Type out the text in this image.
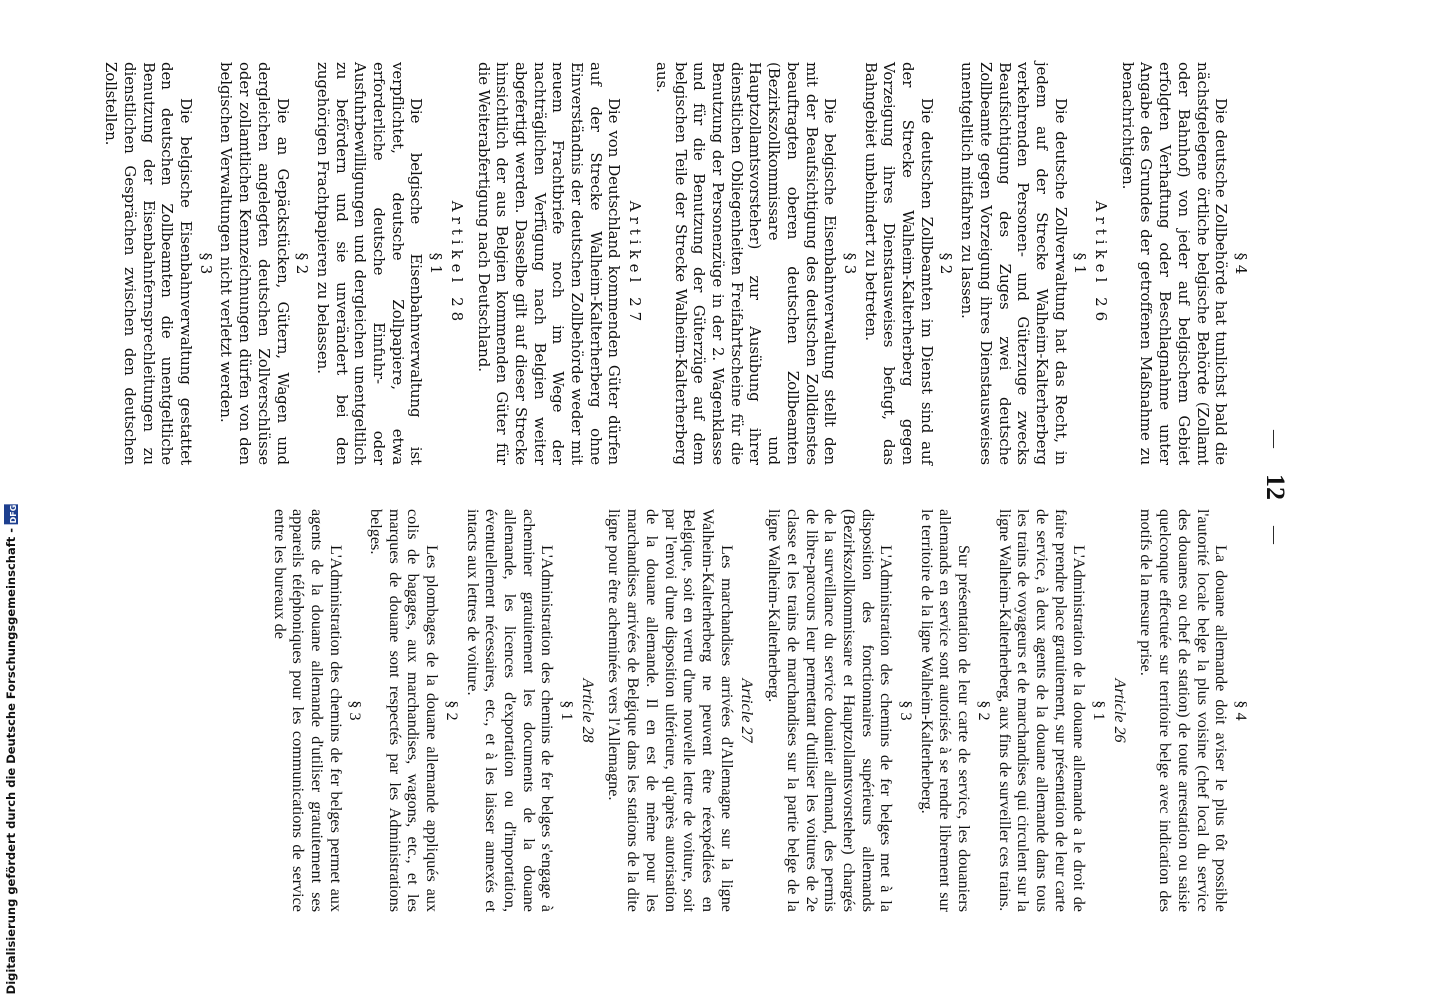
—
12
—
§ 4

Die deutsche Zollbehörde hat tunlichst bald die nächstgelegene örtliche belgische Behörde (Zollamt oder Bahnhof) von jeder auf belgischem Gebiet erfolgten Verhaftung oder Beschlagnahme unter Angabe des Grundes der getroffenen Maßnahme zu benachrichtigen.

Artikel 26
§ 1

Die deutsche Zollverwaltung hat das Recht, in jedem auf der Strecke Walheim-Kalterherberg verkehrenden Personen- und Güterzuge zwecks Beaufsichtigung des Zuges zwei deutsche Zollbeamte gegen Vorzeigung ihres Dienstausweises unentgeltlich mitfahren zu lassen.

§ 2

Die deutschen Zollbeamten im Dienst sind auf der Strecke Walheim-Kalterherberg gegen Vorzeigung ihres Dienstausweises befugt, das Bahngebiet unbehindert zu betreten.

§ 3

Die belgische Eisenbahnverwaltung stellt den mit der Beaufsichtigung des deutschen Zolldienstes beauftragten oberen deutschen Zollbeamten (Bezirkszollkommissare und Hauptzollamtsvorsteher) zur Ausübung ihrer dienstlichen Obliegenheiten Freifahrtscheine für die Benutzung der Personenzüge in der 2. Wagenklasse und für die Benutzung der Güterzüge auf dem belgischen Teile der Strecke Walheim-Kalterherberg aus.

Artikel 27

Die von Deutschland kommenden Güter dürfen auf der Strecke Walheim-Kalterherberg ohne Einverständnis der deutschen Zollbehörde weder mit neuem Frachtbriefe noch im Wege der nachträglichen Verfügung nach Belgien weiter abgefertigt werden. Dasselbe gilt auf dieser Strecke hinsichtlich der aus Belgien kommenden Güter für die Weiterabfertigung nach Deutschland.

Artikel 28
§ 1

Die belgische Eisenbahnverwaltung ist verpflichtet, deutsche Zollpapiere, etwa erforderliche deutsche Einfuhr- oder Ausfuhrbewilligungen und dergleichen unentgeltlich zu befördern und sie unverändert bei den zugehörigen Frachtpapieren zu belassen.

§ 2

Die an Gepäckstücken, Gütern, Wagen und dergleichen angelegten deutschen Zollverschlüsse oder zollamtlichen Kennzeichnungen dürfen von den belgischen Verwaltungen nicht verletzt werden.

§ 3

Die belgische Eisenbahnverwaltung gestattet den deutschen Zollbeamten die unentgeltliche Benutzung der Eisenbahnfernsprechleitungen zu dienstlichen Gesprächen zwischen den deutschen Zollstellen.

§ 4

La douane allemande doit aviser le plus tôt possible l'autorité locale belge la plus voisine (chef local du service des douanes ou chef de station) de toute arrestation ou saisie quelconque effectuée sur territoire belge avec indication des motifs de la mesure prise.

Article 26
§ 1

L'Administration de la douane allemande a le droit de faire prendre place gratuitement, sur présentation de leur carte de service, à deux agents de la douane allemande dans tous les trains de voyageurs et de marchandises qui circulent sur la ligne Walheim-Kalterherberg, aux fins de surveiller ces trains.

§ 2

Sur présentation de leur carte de service, les douaniers allemands en service sont autorisés à se rendre librement sur le territoire de la ligne Walheim-Kalterherberg.

§ 3

L'Administration des chemins de fer belges met à la disposition des fonctionnaires supérieurs allemands (Bezirkszollkommissare et Hauptzollamtsvorsteher) chargés de la surveillance du service douanier allemand, des permis de libre-parcours leur permettant d'utiliser les voitures de 2e classe et les trains de marchandises sur la partie belge de la ligne Walheim-Kalterherberg.

Article 27

Les marchandises arrivées d'Allemagne sur la ligne Walheim-Kalterherberg ne peuvent être réexpédiées en Belgique, soit en vertu d'une nouvelle lettre de voiture, soit par l'envoi d'une disposition ultérieure, qu'après autorisation de la douane allemande. Il en est de même pour les marchandises arrivées de Belgique dans les stations de la dite ligne pour être acheminées vers l'Allemagne.

Article 28
§ 1

L'Administration des chemins de fer belges s'engage à acheminer gratuitement les documents de la douane allemande, les licences d'exportation ou d'importation, éventuellement nécessaires, etc., et à les laisser annexés et intacts aux lettres de voiture.

§ 2

Les plombages de la douane allemande appliqués aux colis de bagages, aux marchandises, wagons, etc., et les marques de douane sont respectés par les Administrations belges.

§ 3

L'Administration des chemins de fer belges permet aux agents de la douane allemande d'utiliser gratuitement ses appareils téléphoniques pour les communications de service entre les bureaux de

Digitalisierung gefördert durch die Deutsche Forschungsgemeinschaft -
DFG
